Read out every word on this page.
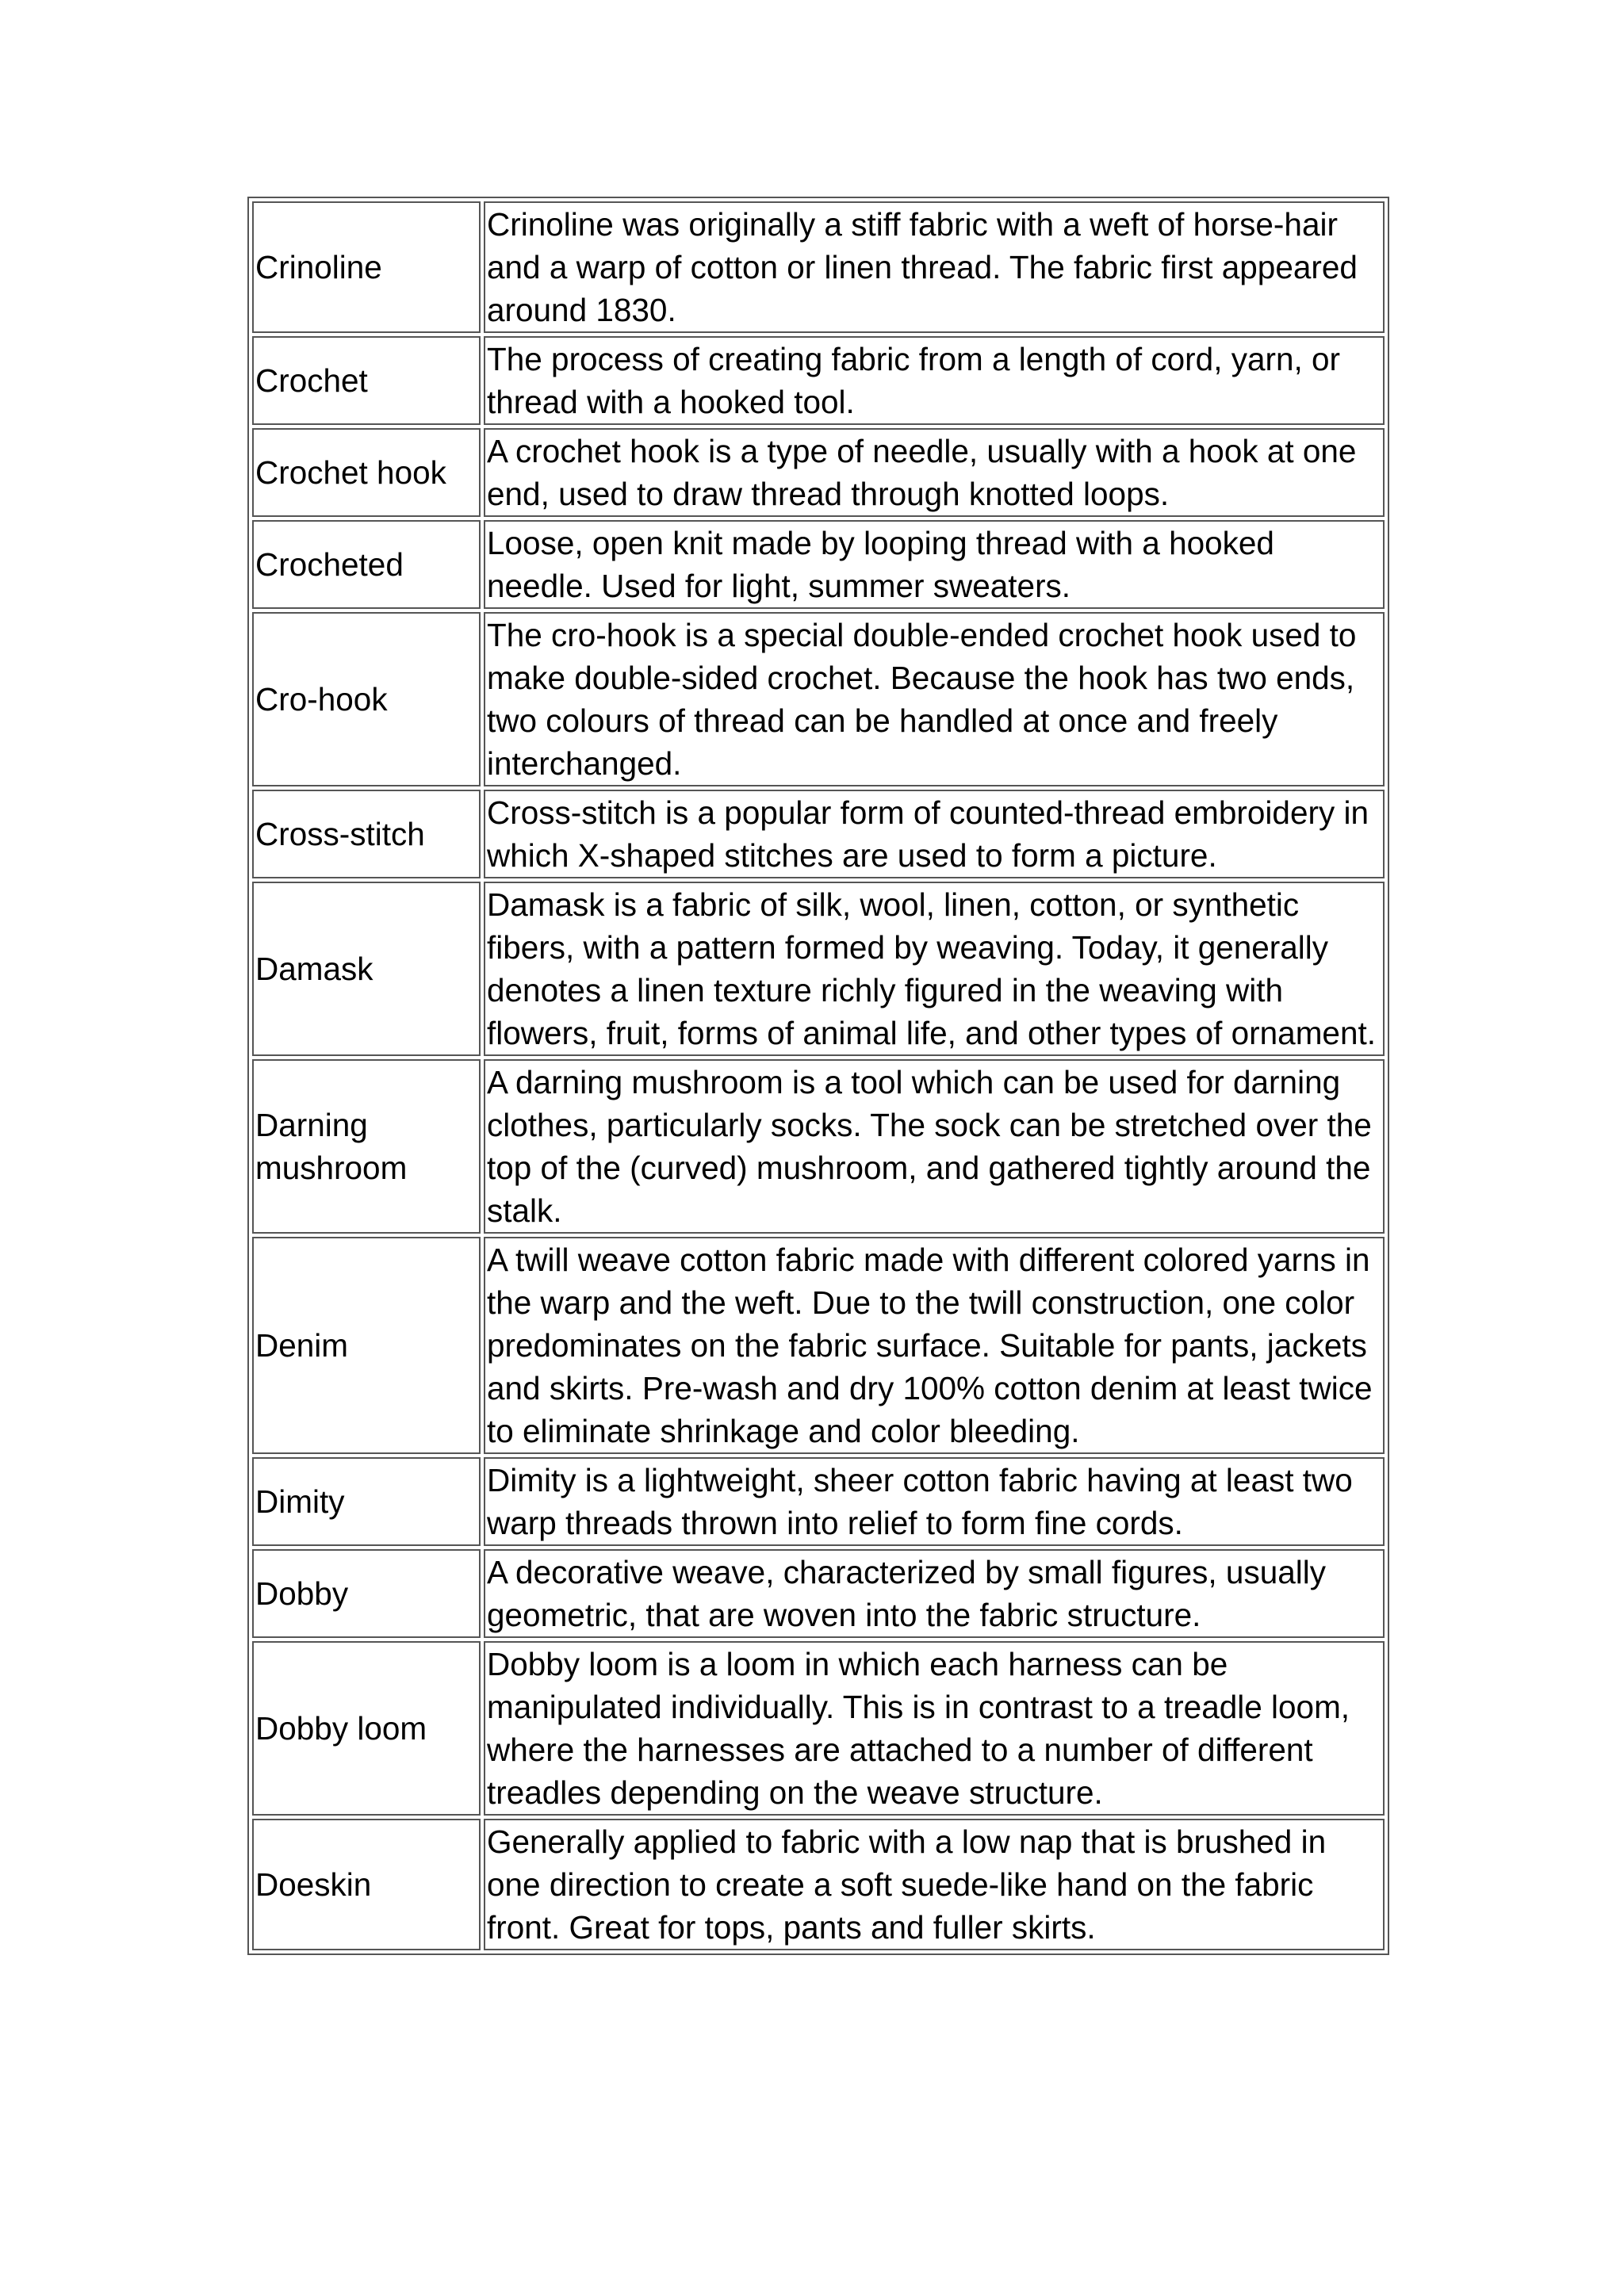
Crinoline	Crinoline was originally a stiff fabric with a weft of horse-hair and a warp of cotton or linen thread. The fabric first appeared around 1830.
Crochet	The process of creating fabric from a length of cord, yarn, or thread with a hooked tool.
Crochet hook	A crochet hook is a type of needle, usually with a hook at one end, used to draw thread through knotted loops.
Crocheted	Loose, open knit made by looping thread with a hooked needle. Used for light, summer sweaters.
Cro-hook	The cro-hook is a special double-ended crochet hook used to make double-sided crochet. Because the hook has two ends, two colours of thread can be handled at once and freely interchanged.
Cross-stitch	Cross-stitch is a popular form of counted-thread embroidery in which X-shaped stitches are used to form a picture.
Damask	Damask is a fabric of silk, wool, linen, cotton, or synthetic fibers, with a pattern formed by weaving. Today, it generally denotes a linen texture richly figured in the weaving with flowers, fruit, forms of animal life, and other types of ornament.
Darning mushroom	A darning mushroom is a tool which can be used for darning clothes, particularly socks. The sock can be stretched over the top of the (curved) mushroom, and gathered tightly around the stalk.
Denim	A twill weave cotton fabric made with different colored yarns in the warp and the weft. Due to the twill construction, one color predominates on the fabric surface. Suitable for pants, jackets and skirts. Pre-wash and dry 100% cotton denim at least twice to eliminate shrinkage and color bleeding.
Dimity	Dimity is a lightweight, sheer cotton fabric having at least two warp threads thrown into relief to form fine cords.
Dobby	A decorative weave, characterized by small figures, usually geometric, that are woven into the fabric structure.
Dobby loom	Dobby loom is a loom in which each harness can be manipulated individually. This is in contrast to a treadle loom, where the harnesses are attached to a number of different treadles depending on the weave structure.
Doeskin	Generally applied to fabric with a low nap that is brushed in one direction to create a soft suede-like hand on the fabric front. Great for tops, pants and fuller skirts.
